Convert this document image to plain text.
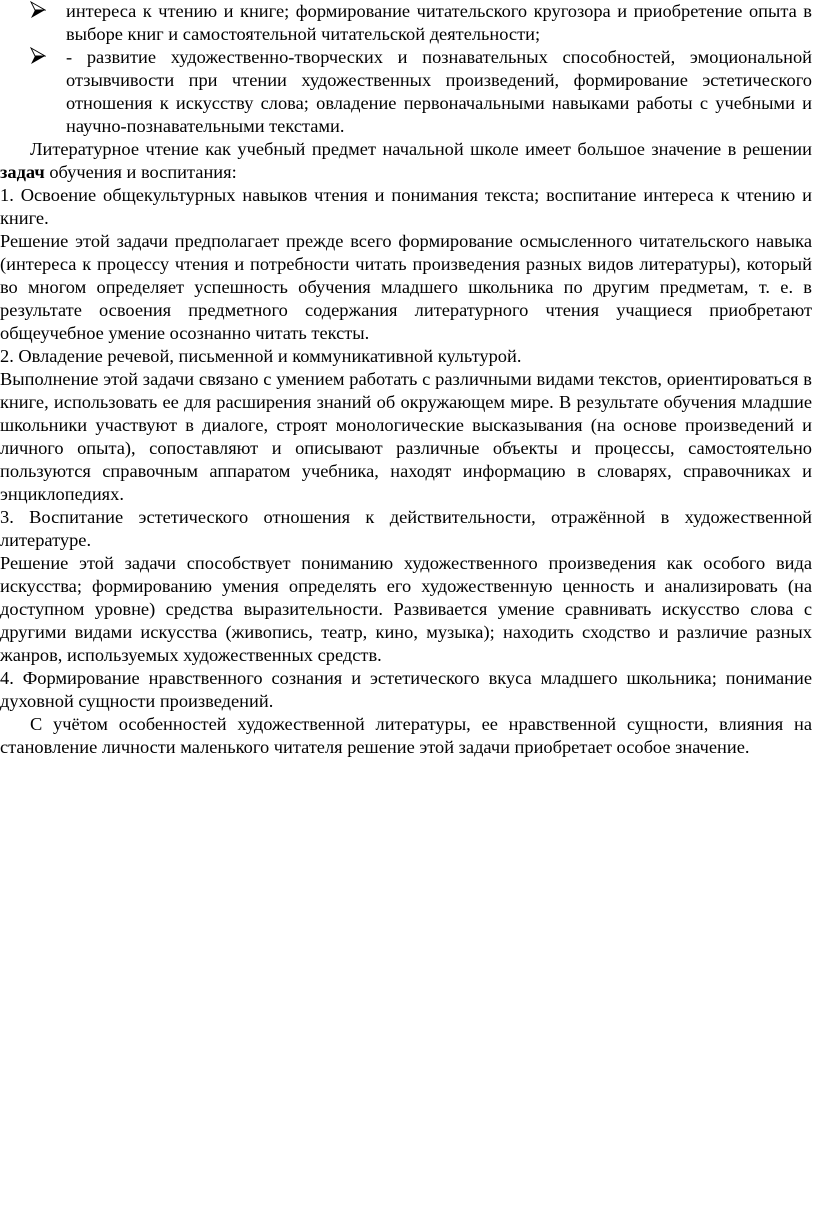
интереса к чтению и книге; формирование читательского кругозора и приобретение опыта в выборе книг и самостоятельной читательской деятельности;
- развитие художественно-творческих и познавательных способностей, эмоциональной отзывчивости при чтении художественных произведений, формирование эстетического отношения к искусству слова; овладение первоначальными навыками работы с учебными и научно-познавательными текстами.

Литературное чтение как учебный предмет начальной школе имеет большое значение в решении задач обучения и воспитания:

1. Освоение общекультурных навыков чтения и понимания текста; воспитание интереса к чтению и книге.

Решение этой задачи предполагает прежде всего формирование осмысленного читательского навыка (интереса к процессу чтения и потребности читать произведения разных видов литературы), который во многом определяет успешность обучения младшего школьника по другим предметам, т. е. в результате освоения предметного содержания литературного чтения учащиеся приобретают общеучебное умение осознанно читать тексты.

2. Овладение речевой, письменной и коммуникативной культурой.

Выполнение этой задачи связано с умением работать с различными видами текстов, ориентироваться в книге, использовать ее для расширения знаний об окружающем мире. В результате обучения младшие школьники участвуют в диалоге, строят монологические высказывания (на основе произведений и личного опыта), сопоставляют и описывают различные объекты и процессы, самостоятельно пользуются справочным аппаратом учебника, находят информацию в словарях, справочниках и энциклопедиях.

3. Воспитание эстетического отношения к действительности, отражённой в художественной литературе.

Решение этой задачи способствует пониманию художественного произведения как особого вида искусства; формированию умения определять его художественную ценность и анализировать (на доступном уровне) средства выразительности. Развивается умение сравнивать искусство слова с другими видами искусства (живопись, театр, кино, музыка); находить сходство и различие разных жанров, используемых художественных средств.

4. Формирование нравственного сознания и эстетического вкуса младшего школьника; понимание духовной сущности произведений.

С учётом особенностей художественной литературы, ее нравственной сущности, влияния на становление личности маленького читателя решение этой задачи приобретает особое значение.
